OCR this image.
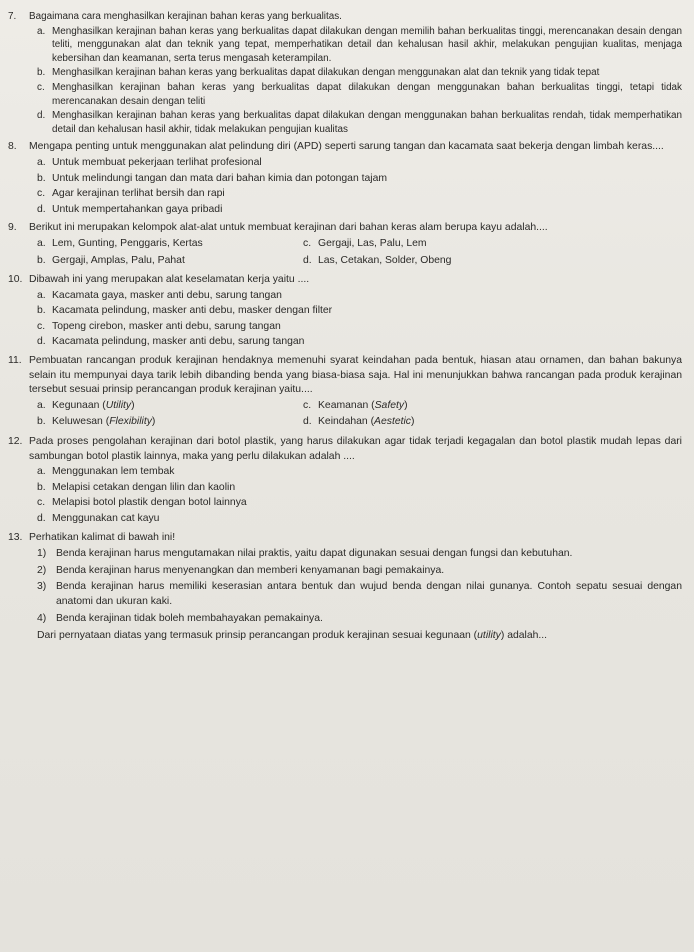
7.	Bagaimana cara menghasilkan kerajinan bahan keras yang berkualitas.
a. Menghasilkan kerajinan bahan keras yang berkualitas dapat dilakukan dengan memilih bahan berkualitas tinggi, merencanakan desain dengan teliti, menggunakan alat dan teknik yang tepat, memperhatikan detail dan kehalusan hasil akhir, melakukan pengujian kualitas, menjaga kebersihan dan keamanan, serta terus mengasah keterampilan.
b. Menghasilkan kerajinan bahan keras yang berkualitas dapat dilakukan dengan menggunakan alat dan teknik yang tidak tepat
c. Menghasilkan kerajinan bahan keras yang berkualitas dapat dilakukan dengan menggunakan bahan berkualitas tinggi, tetapi tidak merencanakan desain dengan teliti
d. Menghasilkan kerajinan bahan keras yang berkualitas dapat dilakukan dengan menggunakan bahan berkualitas rendah, tidak memperhatikan detail dan kehalusan hasil akhir, tidak melakukan pengujian kualitas
8.	Mengapa penting untuk menggunakan alat pelindung diri (APD) seperti sarung tangan dan kacamata saat bekerja dengan limbah keras....
a. Untuk membuat pekerjaan terlihat profesional
b. Untuk melindungi tangan dan mata dari bahan kimia dan potongan tajam
c. Agar kerajinan terlihat bersih dan rapi
d. Untuk mempertahankan gaya pribadi
9.	Berikut ini merupakan kelompok alat-alat untuk membuat kerajinan dari bahan keras alam berupa kayu adalah....
a. Lem, Gunting, Penggaris, Kertas	c. Gergaji, Las, Palu, Lem
b. Gergaji, Amplas, Palu, Pahat	d. Las, Cetakan, Solder, Obeng
10. Dibawah ini yang merupakan alat keselamatan kerja yaitu ....
a. Kacamata gaya, masker anti debu, sarung tangan
b. Kacamata pelindung, masker anti debu, masker dengan filter
c. Topeng cirebon, masker anti debu, sarung tangan
d. Kacamata pelindung, masker anti debu, sarung tangan
11. Pembuatan rancangan produk kerajinan hendaknya memenuhi syarat keindahan pada bentuk, hiasan atau ornamen, dan bahan bakunya selain itu mempunyai daya tarik lebih dibanding benda yang biasa-biasa saja. Hal ini menunjukkan bahwa rancangan pada produk kerajinan tersebut sesuai prinsip perancangan produk kerajinan yaitu....
a. Kegunaan (Utility)	c. Keamanan (Safety)
b. Keluwesan (Flexibility)	d. Keindahan (Aestetic)
12. Pada proses pengolahan kerajinan dari botol plastik, yang harus dilakukan agar tidak terjadi kegagalan dan botol plastik mudah lepas dari sambungan botol plastik lainnya, maka yang perlu dilakukan adalah ....
a. Menggunakan lem tembak
b. Melapisi cetakan dengan lilin dan kaolin
c. Melapisi botol plastik dengan botol lainnya
d. Menggunakan cat kayu
13. Perhatikan kalimat di bawah ini!
1) Benda kerajinan harus mengutamakan nilai praktis, yaitu dapat digunakan sesuai dengan fungsi dan kebutuhan.
2) Benda kerajinan harus menyenangkan dan memberi kenyamanan bagi pemakainya.
3) Benda kerajinan harus memiliki keserasian antara bentuk dan wujud benda dengan nilai gunanya. Contoh sepatu sesuai dengan anatomi dan ukuran kaki.
4) Benda kerajinan tidak boleh membahayakan pemakainya.
Dari pernyataan diatas yang termasuk prinsip perancangan produk kerajinan sesuai kegunaan (utility) adalah...
